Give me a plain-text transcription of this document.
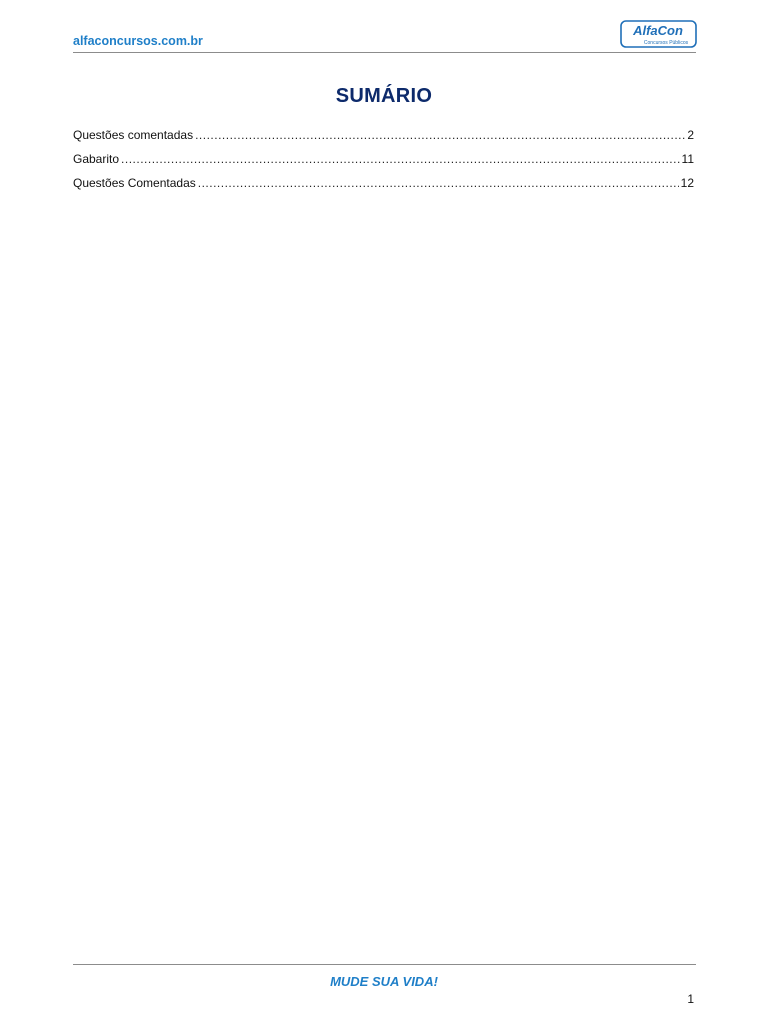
alfaconcursos.com.br
AlfaCon
Concursos Públicos
SUMÁRIO
Questões comentadas .....	2
Gabarito .....	11
Questões Comentadas .....	12
MUDE SUA VIDA!
1
